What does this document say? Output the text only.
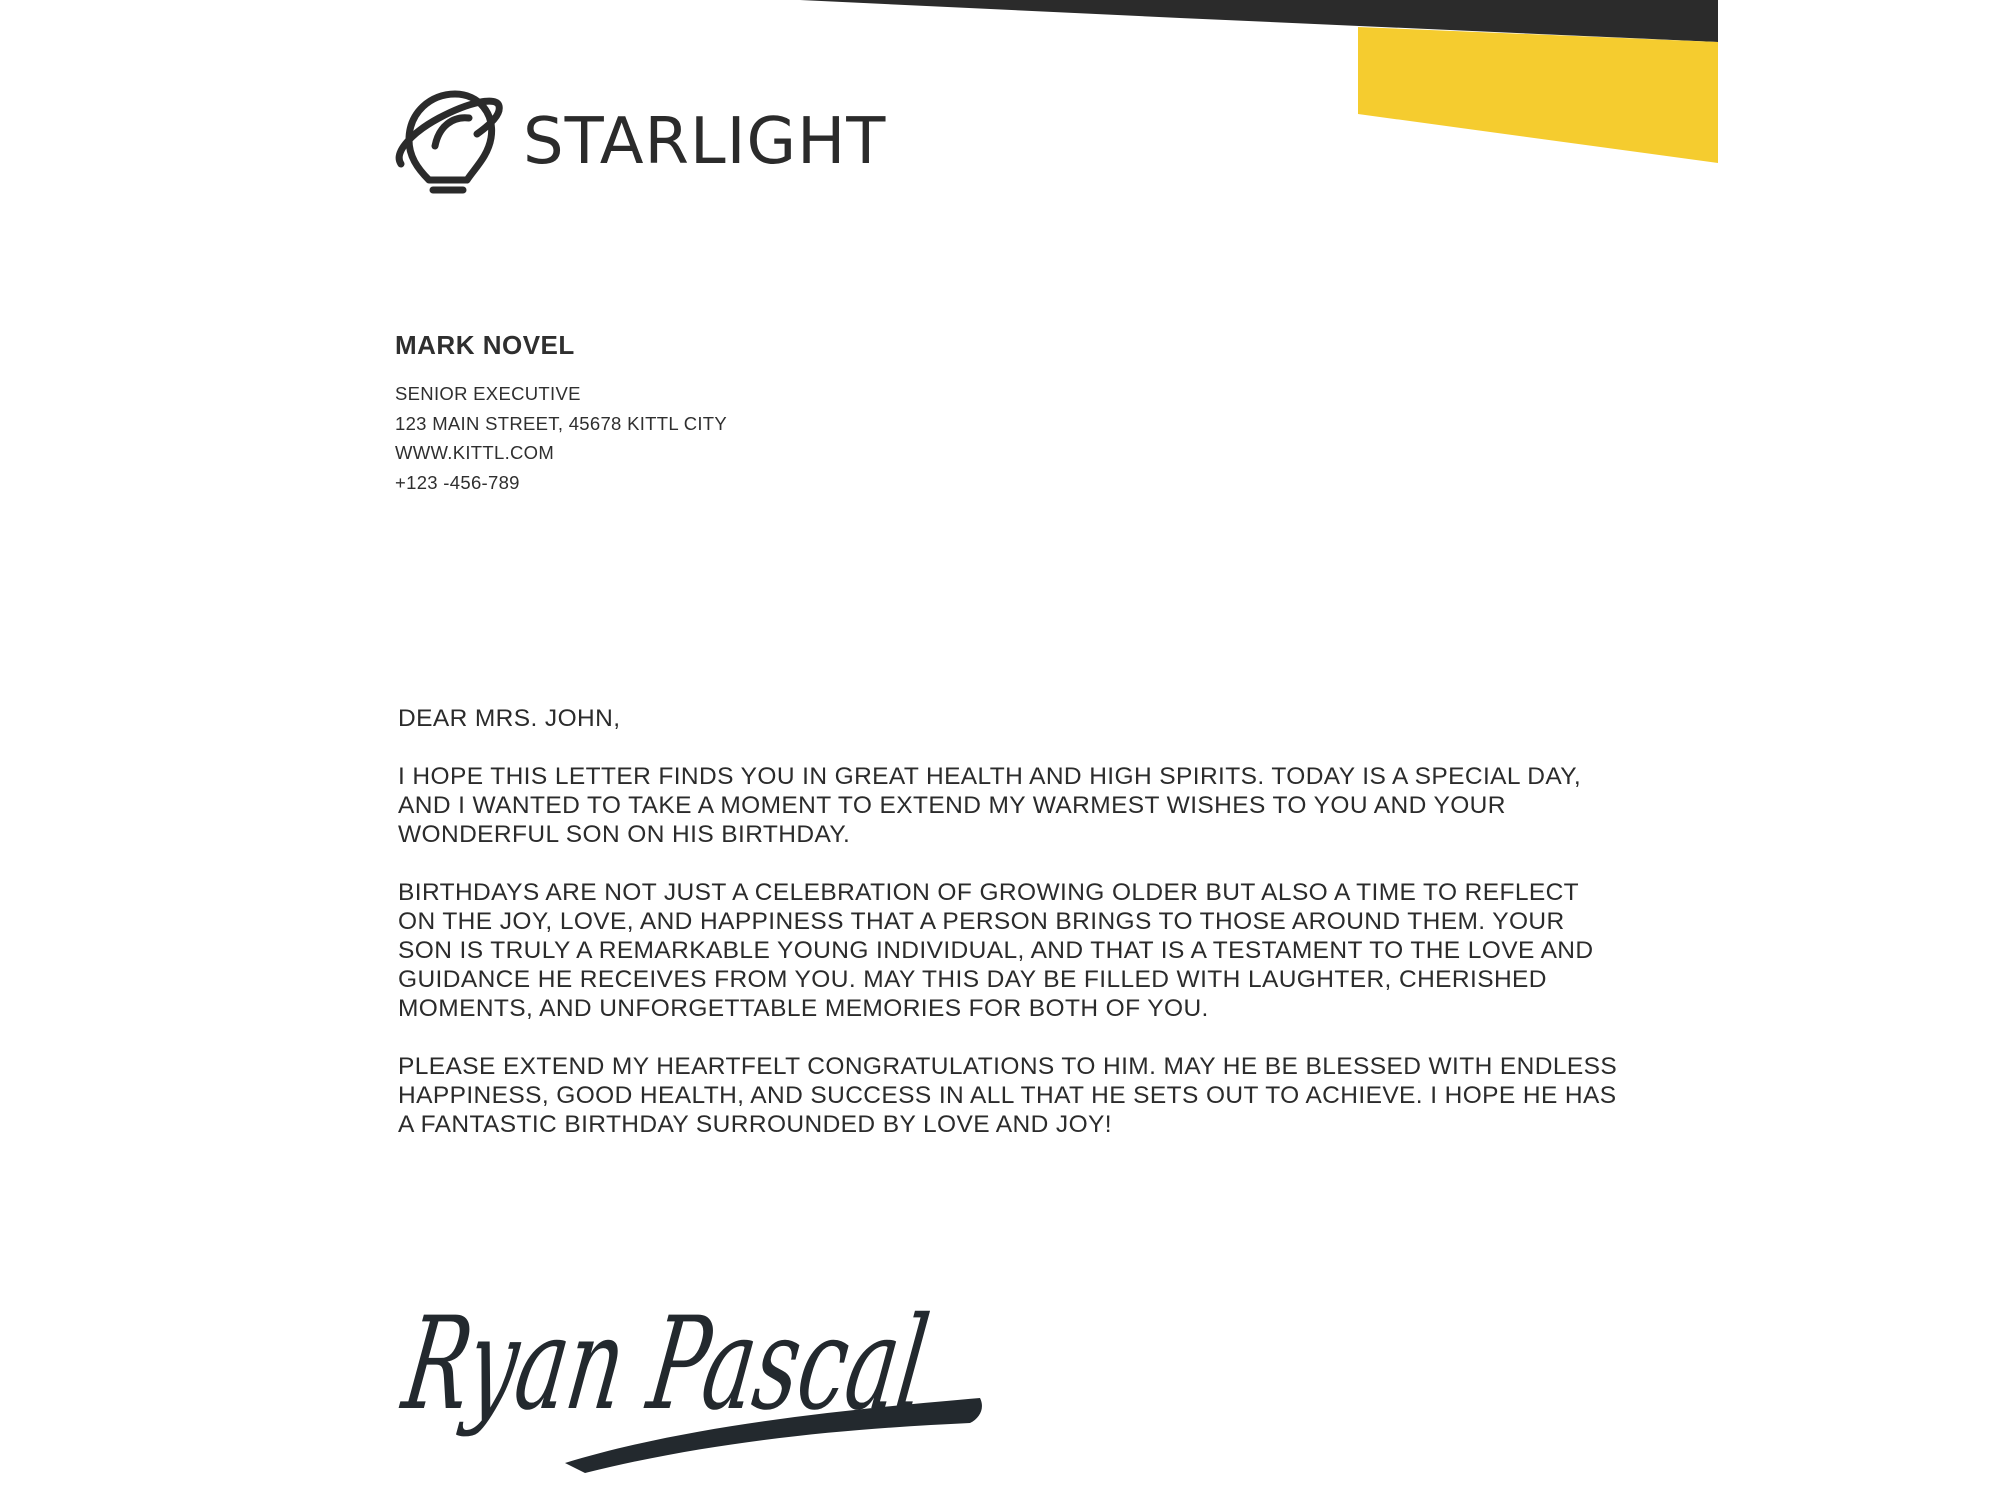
STARLIGHT
MARK NOVEL
SENIOR EXECUTIVE
123 MAIN STREET, 45678 KITTL CITY
WWW.KITTL.COM
+123 -456-789

DEAR MRS. JOHN,

I HOPE THIS LETTER FINDS YOU IN GREAT HEALTH AND HIGH SPIRITS. TODAY IS A SPECIAL DAY, AND I WANTED TO TAKE A MOMENT TO EXTEND MY WARMEST WISHES TO YOU AND YOUR WONDERFUL SON ON HIS BIRTHDAY.

BIRTHDAYS ARE NOT JUST A CELEBRATION OF GROWING OLDER BUT ALSO A TIME TO REFLECT ON THE JOY, LOVE, AND HAPPINESS THAT A PERSON BRINGS TO THOSE AROUND THEM. YOUR SON IS TRULY A REMARKABLE YOUNG INDIVIDUAL, AND THAT IS A TESTAMENT TO THE LOVE AND GUIDANCE HE RECEIVES FROM YOU. MAY THIS DAY BE FILLED WITH LAUGHTER, CHERISHED MOMENTS, AND UNFORGETTABLE MEMORIES FOR BOTH OF YOU.

PLEASE EXTEND MY HEARTFELT CONGRATULATIONS TO HIM. MAY HE BE BLESSED WITH ENDLESS HAPPINESS, GOOD HEALTH, AND SUCCESS IN ALL THAT HE SETS OUT TO ACHIEVE. I HOPE HE HAS A FANTASTIC BIRTHDAY SURROUNDED BY LOVE AND JOY!

Ryan Pascal
